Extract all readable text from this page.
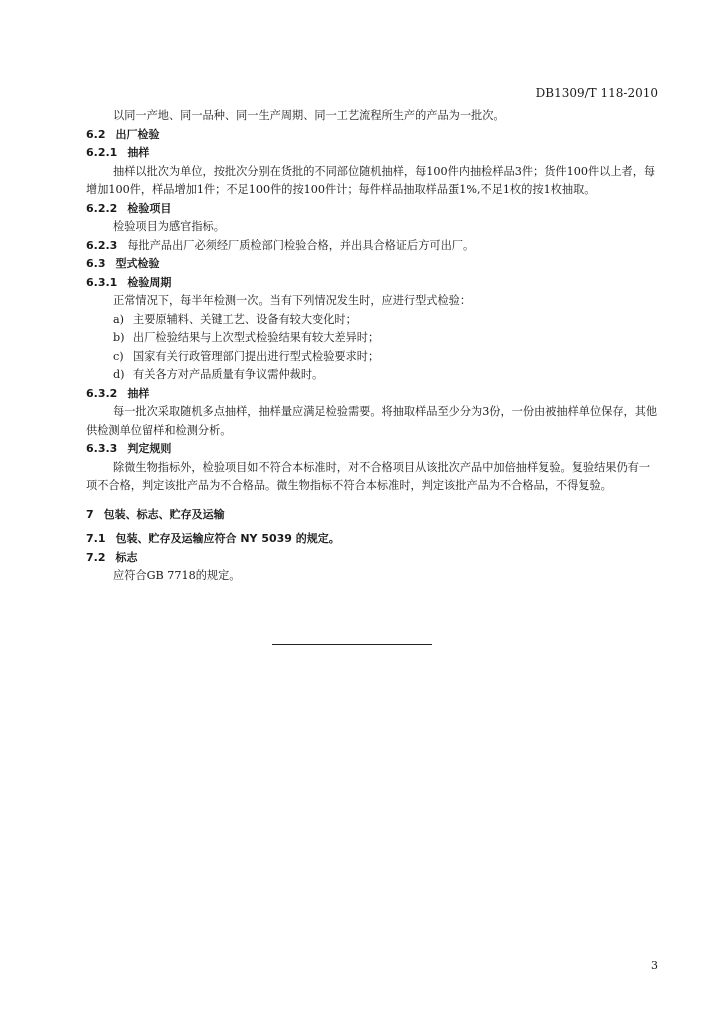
DB1309/T 118-2010

以同一产地、同一品种、同一生产周期、同一工艺流程所生产的产品为一批次。

6.2 出厂检验

6.2.1 抽样

抽样以批次为单位，按批次分别在货批的不同部位随机抽样，每100件内抽检样品3件；货件100件以上者，每增加100件，样品增加1件；不足100件的按100件计；每件样品抽取样品蛋1%,不足1枚的按1枚抽取。

6.2.2 检验项目

检验项目为感官指标。

6.2.3 每批产品出厂必须经厂质检部门检验合格，并出具合格证后方可出厂。

6.3 型式检验

6.3.1 检验周期

正常情况下，每半年检测一次。当有下列情况发生时，应进行型式检验：

a) 主要原辅料、关键工艺、设备有较大变化时；

b) 出厂检验结果与上次型式检验结果有较大差异时；

c) 国家有关行政管理部门提出进行型式检验要求时；

d) 有关各方对产品质量有争议需仲裁时。

6.3.2 抽样

每一批次采取随机多点抽样，抽样量应满足检验需要。将抽取样品至少分为3份，一份由被抽样单位保存，其他供检测单位留样和检测分析。

6.3.3 判定规则

除微生物指标外，检验项目如不符合本标准时，对不合格项目从该批次产品中加倍抽样复验。复验结果仍有一项不合格，判定该批产品为不合格品。微生物指标不符合本标准时，判定该批产品为不合格品，不得复验。

7 包装、标志、贮存及运输

7.1 包装、贮存及运输应符合 NY 5039 的规定。

7.2 标志

应符合GB 7718的规定。

3
